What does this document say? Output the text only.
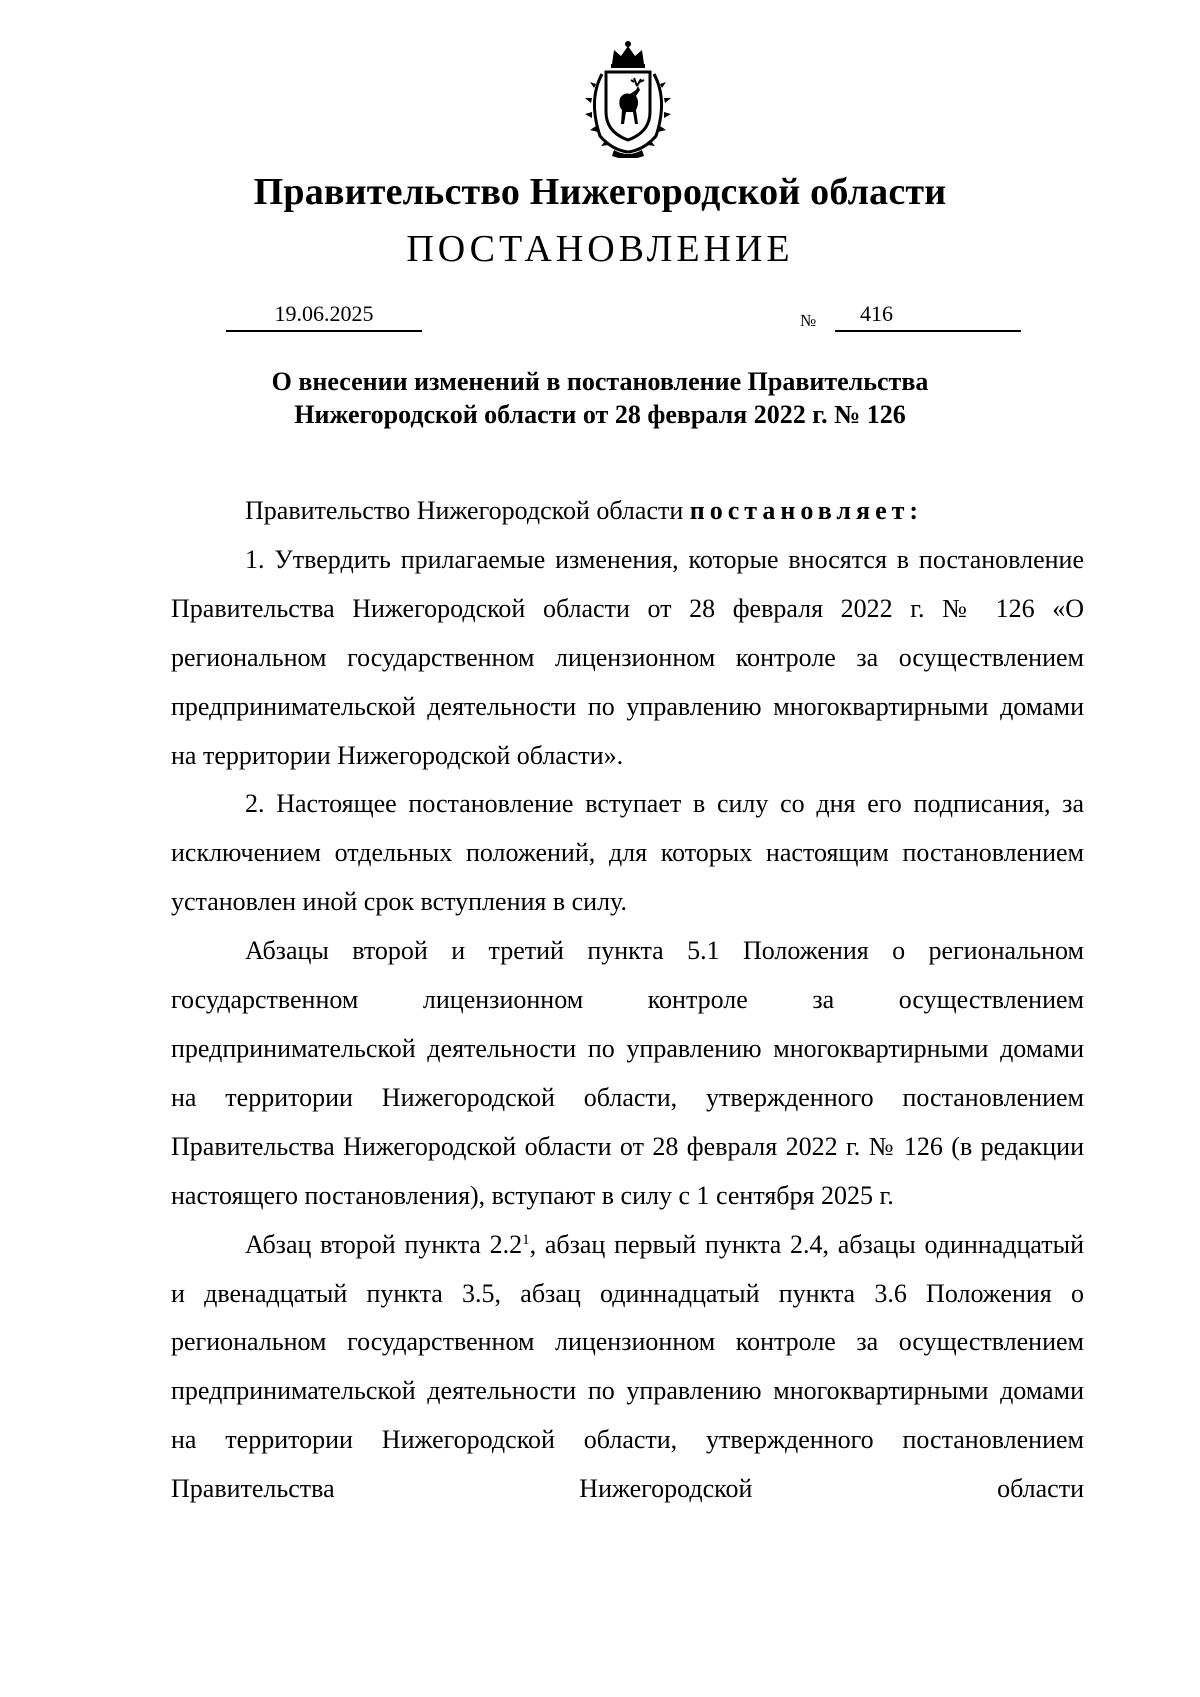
Правительство Нижегородской области
ПОСТАНОВЛЕНИЕ
19.06.2025	№ 416
О внесении изменений в постановление Правительства
Нижегородской области от 28 февраля 2022 г. № 126

Правительство Нижегородской области постановляет:

1. Утвердить прилагаемые изменения, которые вносятся в постановление Правительства Нижегородской области от 28 февраля 2022 г. № 126 «О региональном государственном лицензионном контроле за осуществлением предпринимательской деятельности по управлению многоквартирными домами на территории Нижегородской области».

2. Настоящее постановление вступает в силу со дня его подписания, за исключением отдельных положений, для которых настоящим постановлением установлен иной срок вступления в силу.

Абзацы второй и третий пункта 5.1 Положения о региональном государственном лицензионном контроле за осуществлением предпринимательской деятельности по управлению многоквартирными домами на территории Нижегородской области, утвержденного постановлением Правительства Нижегородской области от 28 февраля 2022 г. № 126 (в редакции настоящего постановления), вступают в силу с 1 сентября 2025 г.

Абзац второй пункта $2.2^1$, абзац первый пункта 2.4, абзацы одиннадцатый и двенадцатый пункта 3.5, абзац одиннадцатый пункта 3.6 Положения о региональном государственном лицензионном контроле за осуществлением предпринимательской деятельности по управлению многоквартирными домами на территории Нижегородской области, утвержденного постановлением Правительства Нижегородской области
